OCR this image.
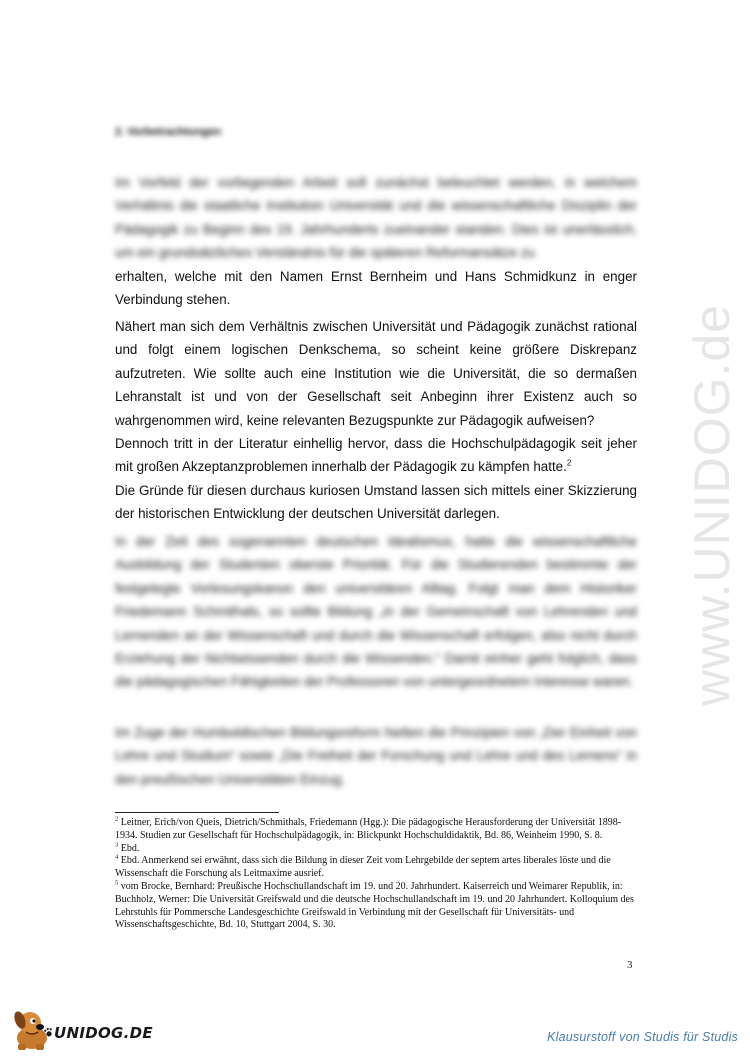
www.UNIDOG.de
2. Vorbetrachtungen
Im Vorfeld der vorliegenden Arbeit soll zunächst beleuchtet werden, in welchem Verhältnis die staatliche Institution Universität und die wissenschaftliche Disziplin der Pädagogik zu Beginn des 19. Jahrhunderts zueinander standen. Dies ist unerlässlich, um ein grundsätzliches Verständnis für die späteren Reformansätze zu
erhalten, welche mit den Namen Ernst Bernheim und Hans Schmidkunz in enger Verbindung stehen.
Nähert man sich dem Verhältnis zwischen Universität und Pädagogik zunächst rational und folgt einem logischen Denkschema, so scheint keine größere Diskrepanz aufzutreten. Wie sollte auch eine Institution wie die Universität, die so dermaßen Lehranstalt ist und von der Gesellschaft seit Anbeginn ihrer Existenz auch so wahrgenommen wird, keine relevanten Bezugspunkte zur Pädagogik aufweisen?
Dennoch tritt in der Literatur einhellig hervor, dass die Hochschulpädagogik seit jeher mit großen Akzeptanzproblemen innerhalb der Pädagogik zu kämpfen hatte.$^2$
Die Gründe für diesen durchaus kuriosen Umstand lassen sich mittels einer Skizzierung der historischen Entwicklung der deutschen Universität darlegen.
In der Zeit des sogenannten deutschen Idealismus, hatte die wissenschaftliche Ausbildung der Studenten oberste Priorität. Für die Studierenden bestimmte der festgelegte Vorlesungskanon den universitären Alltag. Folgt man dem Historiker Friedemann Schmithals, so sollte Bildung „in der Gemeinschaft von Lehrenden und Lernenden an der Wissenschaft und durch die Wissenschaft erfolgen, also nicht durch Erziehung der Nichtwissenden durch die Wissenden.“ Damit einher geht folglich, dass die pädagogischen Fähigkeiten der Professoren von untergeordnetem Interesse waren.
Im Zuge der Humboldtschen Bildungsreform hielten die Prinzipien von „Der Einheit von Lehre und Studium“ sowie „Die Freiheit der Forschung und Lehre und des Lernens“ in den preußischen Universitäten Einzug.

$^2$ Leitner, Erich/von Queis, Dietrich/Schmithals, Friedemann (Hgg.): Die pädagogische Herausforderung der Universität 1898-1934. Studien zur Gesellschaft für Hochschulpädagogik, in: Blickpunkt Hochschuldidaktik, Bd. 86, Weinheim 1990, S. 8.

$^3$ Ebd.

$^4$ Ebd. Anmerkend sei erwähnt, dass sich die Bildung in dieser Zeit vom Lehrgebilde der septem artes liberales löste und die Wissenschaft die Forschung als Leitmaxime ausrief.

$^5$ vom Brocke, Bernhard: Preußische Hochschullandschaft im 19. und 20. Jahrhundert. Kaiserreich und Weimarer Republik, in: Buchholz, Werner: Die Universität Greifswald und die deutsche Hochschullandschaft im 19. und 20 Jahrhundert. Kolloquium des Lehrstuhls für Pommersche Landesgeschichte Greifswald in Verbindung mit der Gesellschaft für Universitäts- und Wissenschaftsgeschichte, Bd. 10, Stuttgart 2004, S. 30.

3
UNIDOG.DE	Klausurstoff von Studis für Studis
